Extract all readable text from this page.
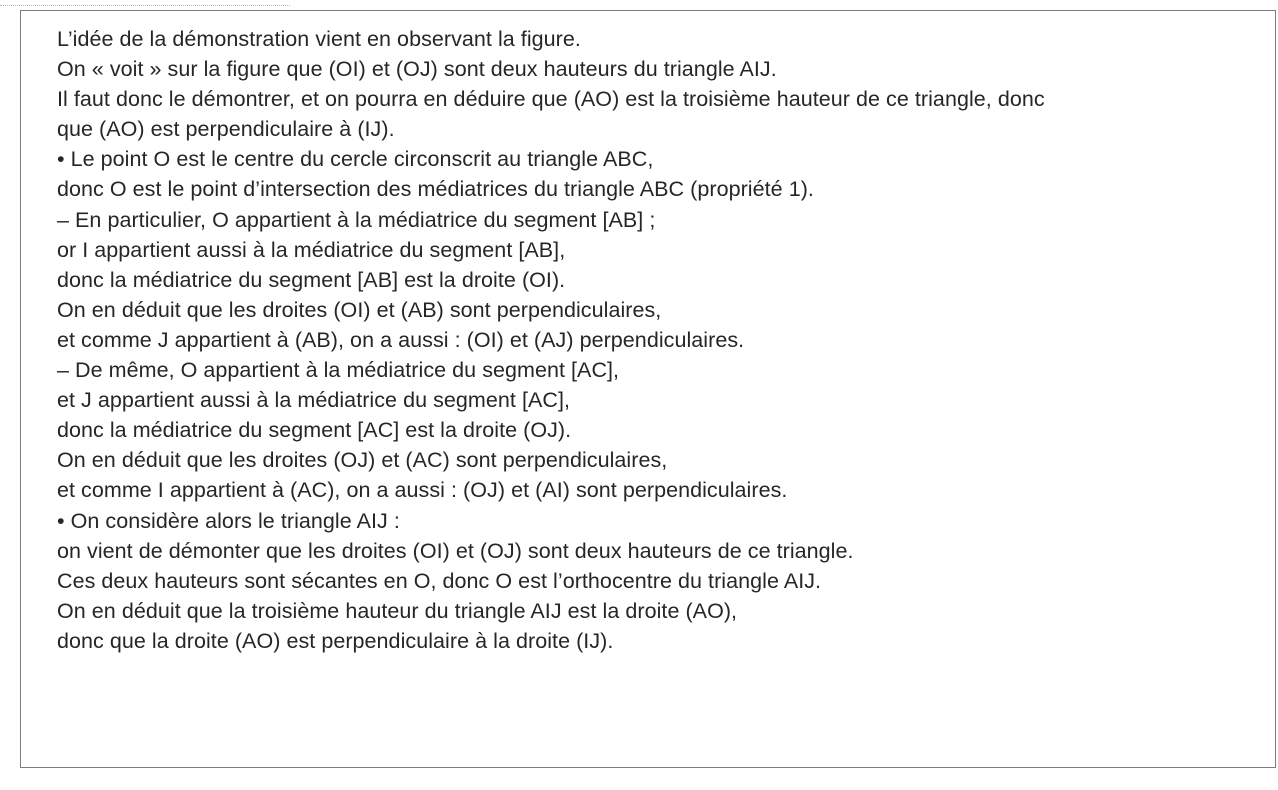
L’idée de la démonstration vient en observant la figure.
On « voit » sur la figure que (OI) et (OJ) sont deux hauteurs du triangle AIJ.
Il faut donc le démontrer, et on pourra en déduire que (AO) est la troisième hauteur de ce triangle, donc
que (AO) est perpendiculaire à (IJ).
• Le point O est le centre du cercle circonscrit au triangle ABC,
donc O est le point d’intersection des médiatrices du triangle ABC (propriété 1).
– En particulier, O appartient à la médiatrice du segment [AB] ;
or I appartient aussi à la médiatrice du segment [AB],
donc la médiatrice du segment [AB] est la droite (OI).
On en déduit que les droites (OI) et (AB) sont perpendiculaires,
et comme J appartient à (AB), on a aussi : (OI) et (AJ) perpendiculaires.
– De même, O appartient à la médiatrice du segment [AC],
et J appartient aussi à la médiatrice du segment [AC],
donc la médiatrice du segment [AC] est la droite (OJ).
On en déduit que les droites (OJ) et (AC) sont perpendiculaires,
et comme I appartient à (AC), on a aussi : (OJ) et (AI) sont perpendiculaires.
• On considère alors le triangle AIJ :
on vient de démonter que les droites (OI) et (OJ) sont deux hauteurs de ce triangle.
Ces deux hauteurs sont sécantes en O, donc O est l’orthocentre du triangle AIJ.
On en déduit que la troisième hauteur du triangle AIJ est la droite (AO),
donc que la droite (AO) est perpendiculaire à la droite (IJ).
